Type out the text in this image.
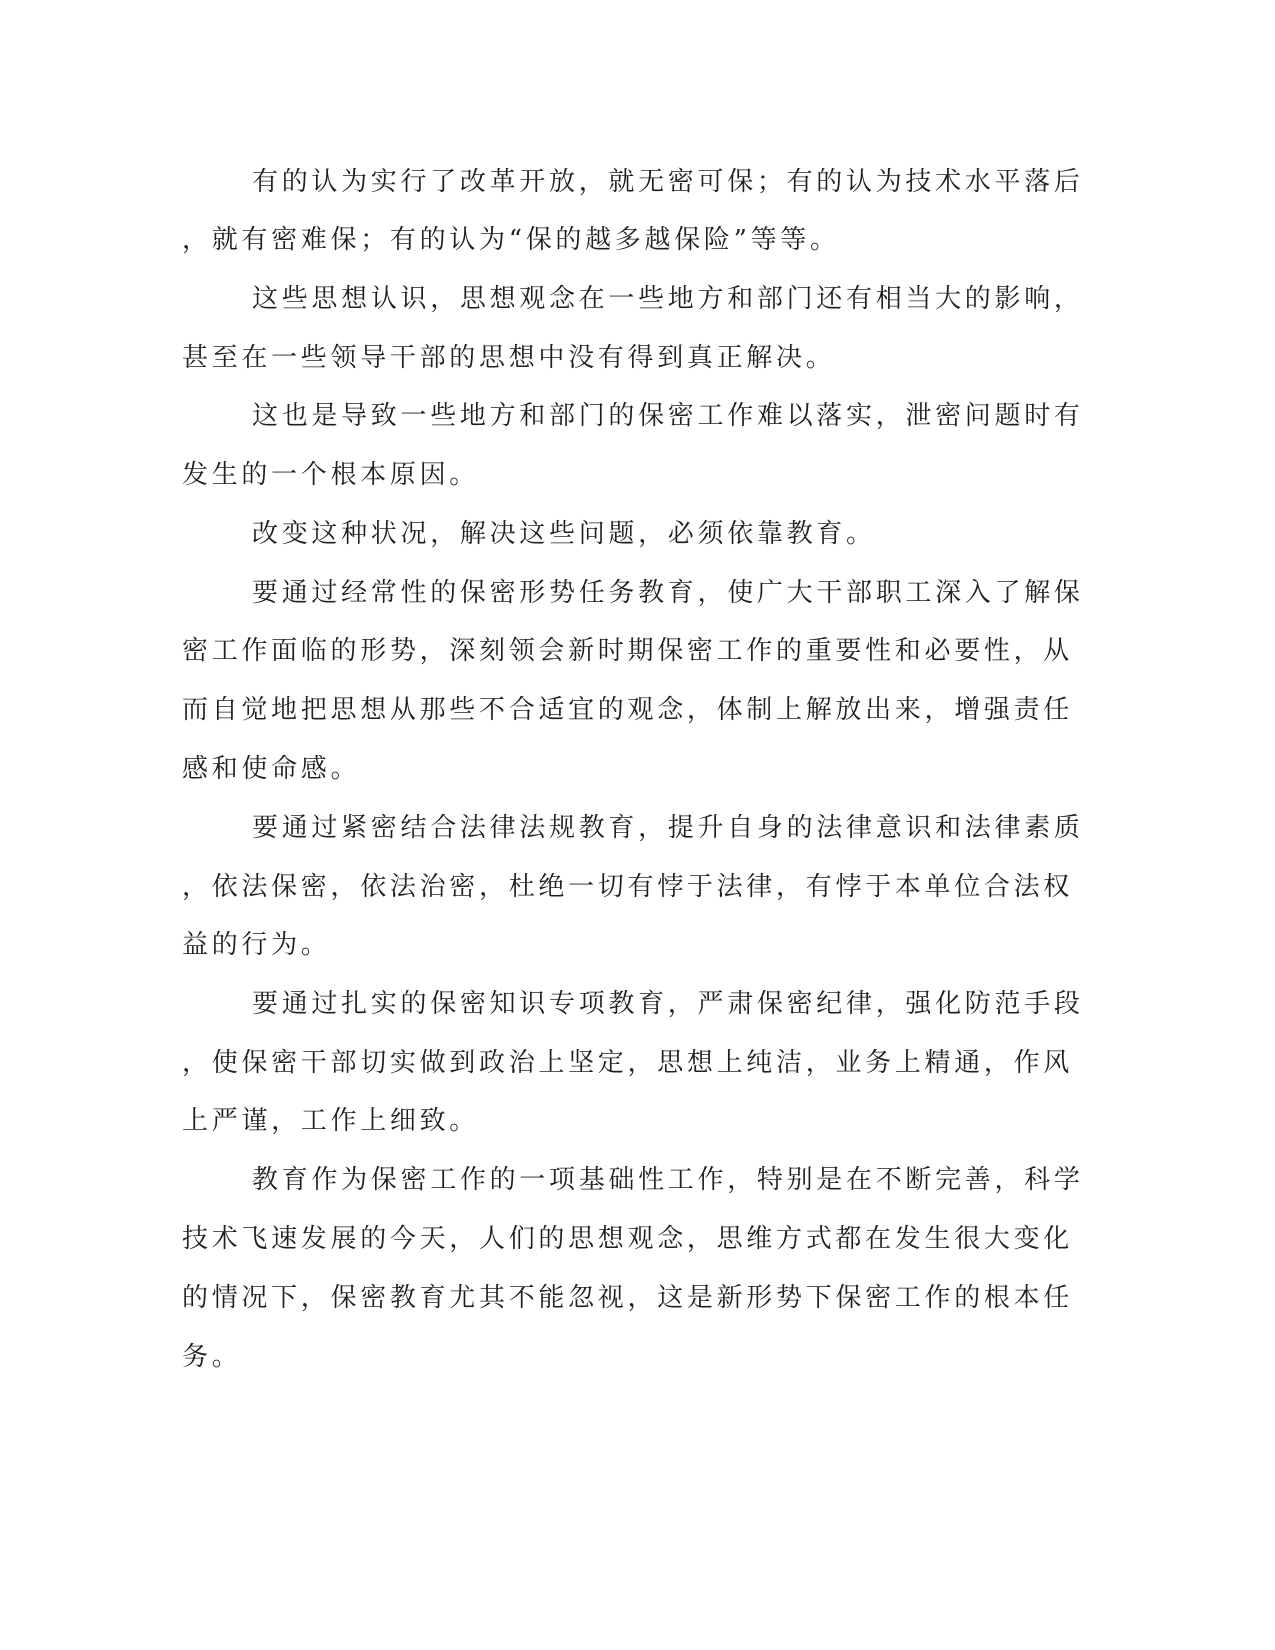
有的认为实行了改革开放，就无密可保；有的认为技术水平落后
，就有密难保；有的认为“保的越多越保险”等等。
这些思想认识，思想观念在一些地方和部门还有相当大的影响，
甚至在一些领导干部的思想中没有得到真正解决。
这也是导致一些地方和部门的保密工作难以落实，泄密问题时有
发生的一个根本原因。
改变这种状况，解决这些问题，必须依靠教育。
要通过经常性的保密形势任务教育，使广大干部职工深入了解保
密工作面临的形势，深刻领会新时期保密工作的重要性和必要性，从
而自觉地把思想从那些不合适宜的观念，体制上解放出来，增强责任
感和使命感。
要通过紧密结合法律法规教育，提升自身的法律意识和法律素质
，依法保密，依法治密，杜绝一切有悖于法律，有悖于本单位合法权
益的行为。
要通过扎实的保密知识专项教育，严肃保密纪律，强化防范手段
，使保密干部切实做到政治上坚定，思想上纯洁，业务上精通，作风
上严谨，工作上细致。
教育作为保密工作的一项基础性工作，特别是在不断完善，科学
技术飞速发展的今天，人们的思想观念，思维方式都在发生很大变化
的情况下，保密教育尤其不能忽视，这是新形势下保密工作的根本任
务。
